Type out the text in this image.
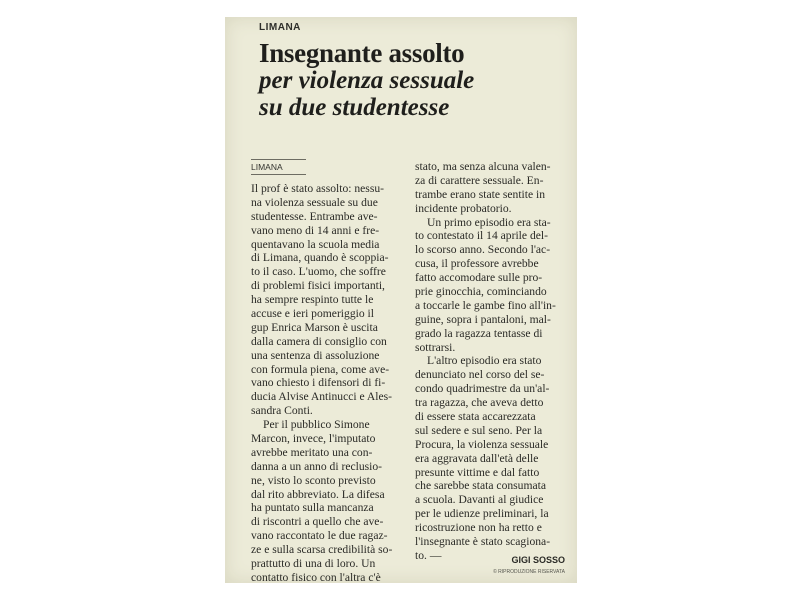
LIMANA
Insegnante assolto
per violenza sessuale
su due studentesse
LIMANA
Il prof è stato assolto: nessu-
na violenza sessuale su due
studentesse. Entrambe ave-
vano meno di 14 anni e fre-
quentavano la scuola media
di Limana, quando è scoppia-
to il caso. L'uomo, che soffre
di problemi fisici importanti,
ha sempre respinto tutte le
accuse e ieri pomeriggio il
gup Enrica Marson è uscita
dalla camera di consiglio con
una sentenza di assoluzione
con formula piena, come ave-
vano chiesto i difensori di fi-
ducia Alvise Antinucci e Ales-
sandra Conti.
Per il pubblico Simone
Marcon, invece, l'imputato
avrebbe meritato una con-
danna a un anno di reclusio-
ne, visto lo sconto previsto
dal rito abbreviato. La difesa
ha puntato sulla mancanza
di riscontri a quello che ave-
vano raccontato le due ragaz-
ze e sulla scarsa credibilità so-
prattutto di una di loro. Un
contatto fisico con l'altra c'è
stato, ma senza alcuna valen-
za di carattere sessuale. En-
trambe erano state sentite in
incidente probatorio.
Un primo episodio era sta-
to contestato il 14 aprile del-
lo scorso anno. Secondo l'ac-
cusa, il professore avrebbe
fatto accomodare sulle pro-
prie ginocchia, cominciando
a toccarle le gambe fino all'in-
guine, sopra i pantaloni, mal-
grado la ragazza tentasse di
sottrarsi.
L'altro episodio era stato
denunciato nel corso del se-
condo quadrimestre da un'al-
tra ragazza, che aveva detto
di essere stata accarezzata
sul sedere e sul seno. Per la
Procura, la violenza sessuale
era aggravata dall'età delle
presunte vittime e dal fatto
che sarebbe stata consumata
a scuola. Davanti al giudice
per le udienze preliminari, la
ricostruzione non ha retto e
l'insegnante è stato scagiona-
to. —	GIGI SOSSO
© RIPRODUZIONE RISERVATA
